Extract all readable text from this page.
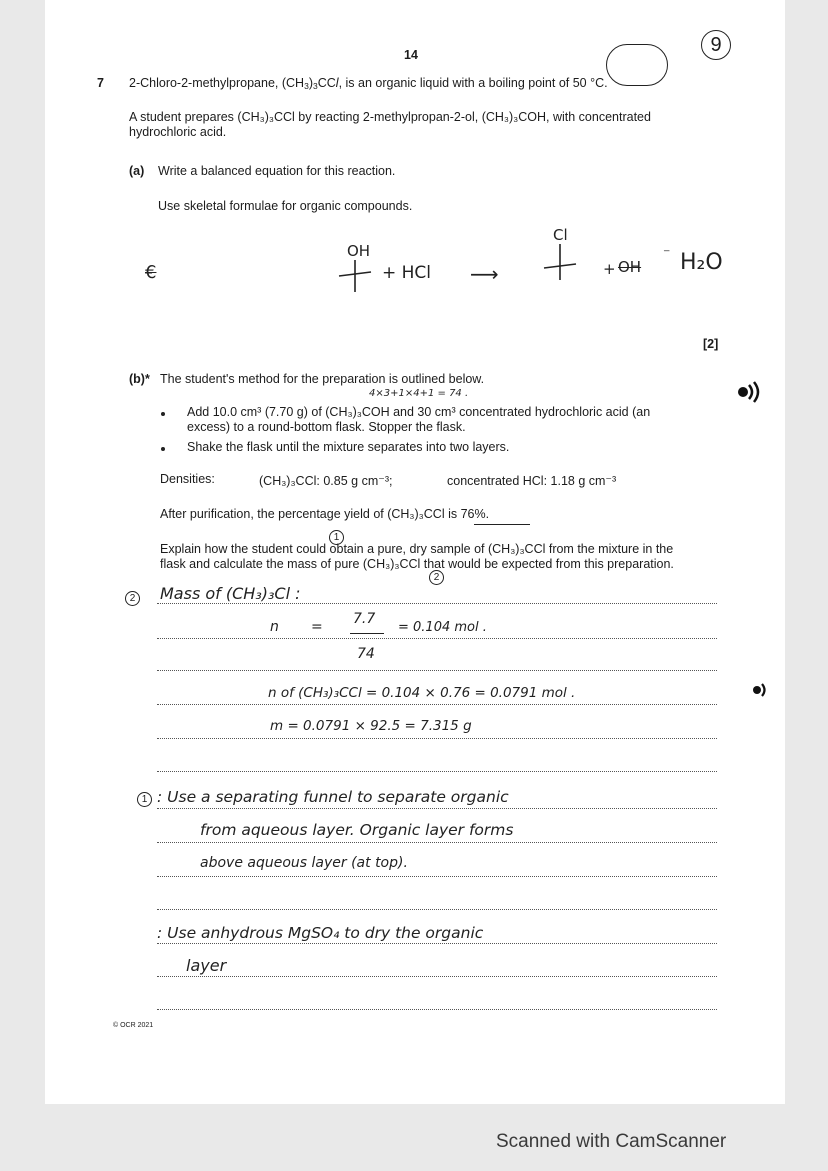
14	9
7 2-Chloro-2-methylpropane, $(CH_3)_3CCl$, is an organic liquid with a boiling point of 50 °C.
A student prepares (CH₃)₃CCl by reacting 2-methylpropan-2-ol, (CH₃)₃COH, with concentrated
hydrochloric acid.
(a) Write a balanced equation for this reaction.
Use skeletal formulae for organic compounds.
€
OH
+ HCl ⟶
Cl
+ OH
⁻ H₂O
[2]
(b)* The student's method for the preparation is outlined below.
4×3+1×4+1 = 74 .
Add 10.0 cm³ (7.70 g) of (CH₃)₃COH and 30 cm³ concentrated hydrochloric acid (an
excess) to a round-bottom flask. Stopper the flask.
Shake the flask until the mixture separates into two layers.
Densities:	(CH₃)₃CCl: 0.85 g cm⁻³;	concentrated HCl: 1.18 g cm⁻³
After purification, the percentage yield of (CH₃)₃CCl is 76%.
1
Explain how the student could obtain a pure, dry sample of (CH₃)₃CCl from the mixture in the
flask and calculate the mass of pure (CH₃)₃CCl that would be expected from this preparation.
2
2 Mass of (CH₃)₃Cl :
n = 7.7
= 0.104 mol .
74
n of (CH₃)₃CCl = 0.104 × 0.76 = 0.0791 mol .
m = 0.0791 × 92.5 = 7.315 g
1 : Use a separating funnel to separate organic
from aqueous layer. Organic layer forms
above aqueous layer (at top).
: Use anhydrous MgSO₄ to dry the organic
layer
© OCR 2021
Scanned with CamScanner
